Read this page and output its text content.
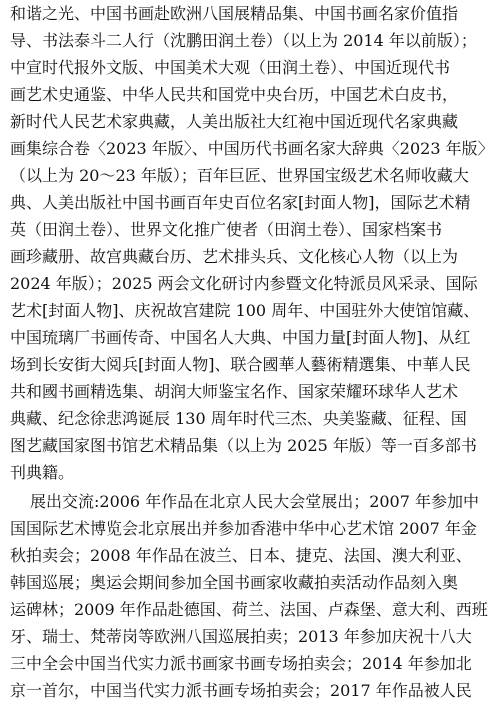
和谐之光、中国书画赴欧洲八国展精品集、中国书画名家价值指
导、书法泰斗二人行（沈鹏田润土卷）（以上为 2014 年以前版）；
中宣时代报外文版、中国美术大观（田润土卷）、中国近现代书
画艺术史通鉴、中华人民共和国党中央台历，中国艺术白皮书，
新时代人民艺术家典藏，人美出版社大红袍中国近现代名家典藏
画集综合卷〈2023 年版〉、中国历代书画名家大辞典〈2023 年版〉
（以上为 20～23 年版）；百年巨匠、世界国宝级艺术名师收藏大
典、人美出版社中国书画百年史百位名家[封面人物]，国际艺术精
英（田润土卷）、世界文化推广使者（田润土卷）、国家档案书
画珍藏册、故宫典藏台历、艺术排头兵、文化核心人物（以上为
2024 年版）；2025 两会文化研讨内参暨文化特派员风采录、国际
艺术[封面人物]、庆祝故宫建院 100 周年、中国驻外大使馆馆藏、
中国琉璃厂书画传奇、中国名人大典、中国力量[封面人物]、从红
场到长安街大阅兵[封面人物]、联合國華人藝術精選集、中華人民
共和國书画精选集、胡润大师鉴宝名作、国家荣耀环球华人艺术
典藏、纪念徐悲鸿诞辰 130 周年时代三杰、央美鉴藏、征程、国
图艺藏国家图书馆艺术精品集（以上为 2025 年版）等一百多部书
刊典籍。
展出交流:2006 年作品在北京人民大会堂展出；2007 年参加中
国国际艺术博览会北京展出并参加香港中华中心艺术馆 2007 年金
秋拍卖会；2008 年作品在波兰、日本、捷克、法国、澳大利亚、
韩国巡展；奥运会期间参加全国书画家收藏拍卖活动作品刻入奥
运碑林；2009 年作品赴德国、荷兰、法国、卢森堡、意大利、西班
牙、瑞士、梵蒂岗等欧洲八国巡展拍卖；2013 年参加庆祝十八大
三中全会中国当代实力派书画家书画专场拍卖会；2014 年参加北
京一首尔，中国当代实力派书画专场拍卖会；2017 年作品被人民
